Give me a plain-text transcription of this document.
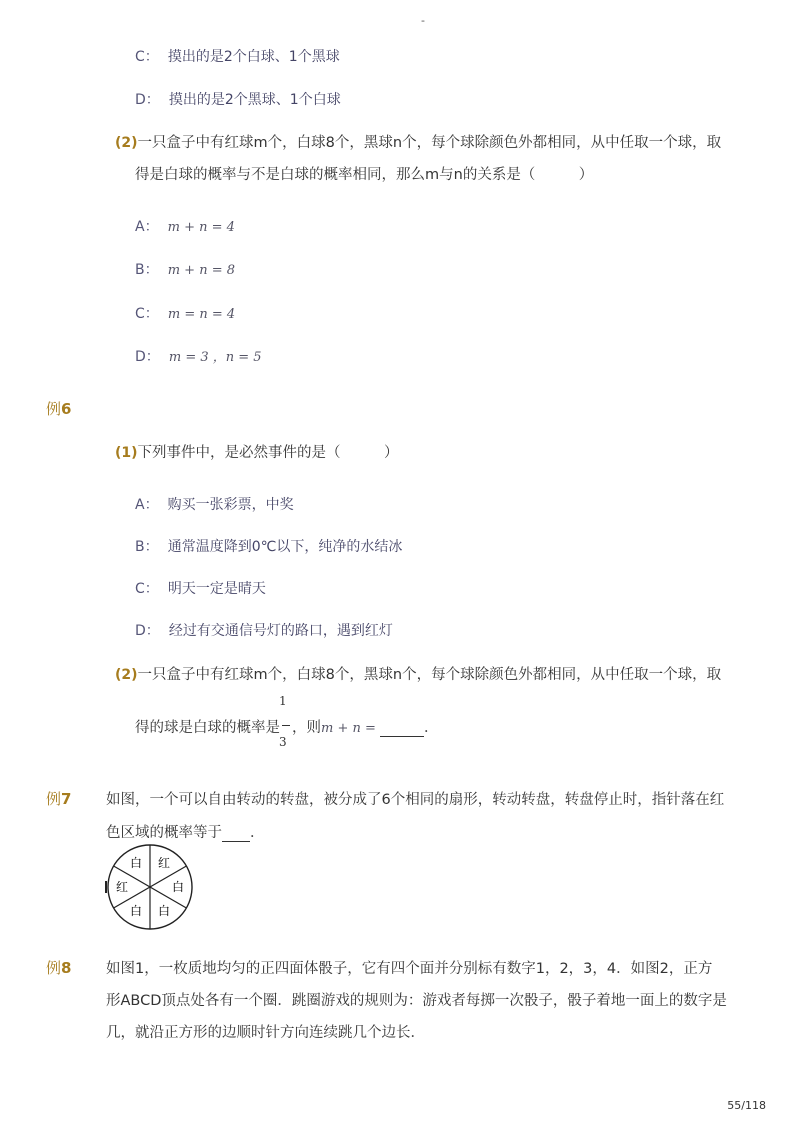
-
C： 摸出的是2个白球、1个黑球
D： 摸出的是2个黑球、1个白球
(2)一只盒子中有红球m个，白球8个，黑球n个，每个球除颜色外都相同，从中任取一个球，取
得是白球的概率与不是白球的概率相同，那么m与n的关系是（　　　）
A： m + n = 4
B： m + n = 8
C： m = n = 4
D： m = 3 ，n = 5
例6
(1)下列事件中，是必然事件的是（　　　）
A： 购买一张彩票，中奖
B： 通常温度降到0℃以下，纯净的水结冰
C： 明天一定是晴天
D： 经过有交通信号灯的路口，遇到红灯
(2)一只盒子中有红球m个，白球8个，黑球n个，每个球除颜色外都相同，从中任取一个球，取
1
3
得的球是白球的概率是 ，则m + n =	．
例7 如图，一个可以自由转动的转盘，被分成了6个相同的扇形，转动转盘，转盘停止时，指针落在红
色区域的概率等于 ．
白 红
白
白
白
红
例8 如图1，一枚质地均匀的正四面体骰子，它有四个面并分别标有数字1，2，3，4．如图2，正方
形ABCD顶点处各有一个圈．跳圈游戏的规则为：游戏者每掷一次骰子，骰子着地一面上的数字是
几，就沿正方形的边顺时针方向连续跳几个边长．
55/118
